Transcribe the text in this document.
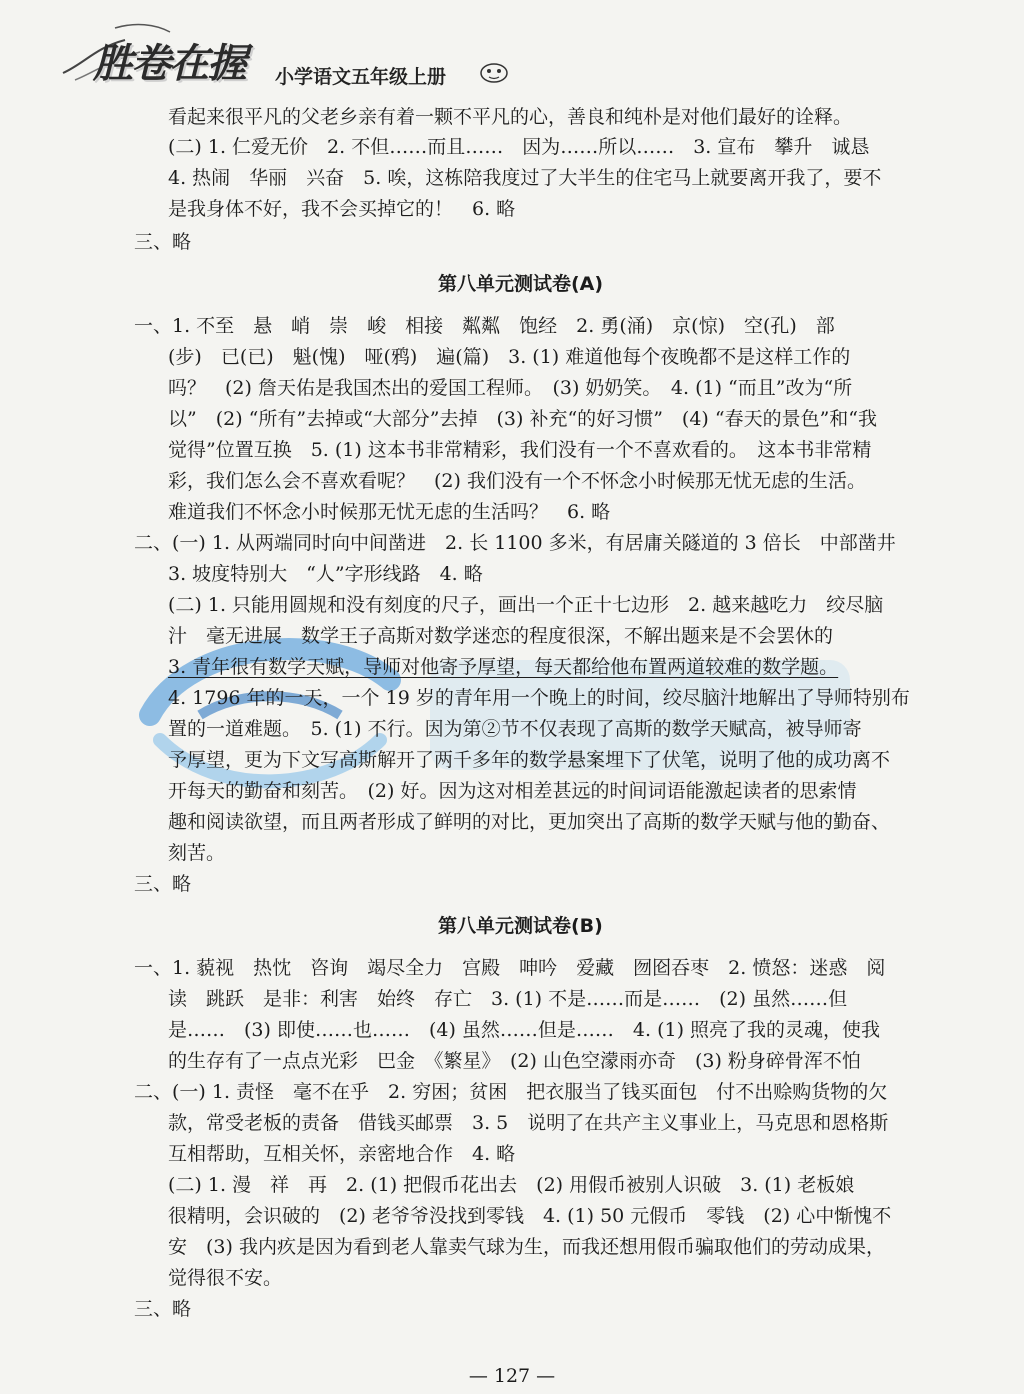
胜卷在握 小学语文五年级上册
看起来很平凡的父老乡亲有着一颗不平凡的心，善良和纯朴是对他们最好的诠释。
(二) 1. 仁爱无价　2. 不但……而且……　因为……所以……　3. 宣布　攀升　诚恳
4. 热闹　华丽　兴奋　5. 唉，这栋陪我度过了大半生的住宅马上就要离开我了，要不
是我身体不好，我不会买掉它的！　6. 略
三、略
第八单元测试卷(A)
一、1. 不至　悬　峭　崇　峻　相接　粼粼　饱经　2. 勇(涌)　京(惊)　空(孔)　部
(步)　已(已)　魁(愧)　哑(鸦)　遍(篇)　3. (1) 难道他每个夜晚都不是这样工作的
吗？　(2) 詹天佑是我国杰出的爱国工程师。　(3) 奶奶笑。　4. (1) “而且”改为“所
以”　(2) “所有”去掉或“大部分”去掉　(3) 补充“的好习惯”　(4) “春天的景色”和“我
觉得”位置互换　5. (1) 这本书非常精彩，我们没有一个不喜欢看的。　这本书非常精
彩，我们怎么会不喜欢看呢？　(2) 我们没有一个不怀念小时候那无忧无虑的生活。
难道我们不怀念小时候那无忧无虑的生活吗？　6. 略
二、(一) 1. 从两端同时向中间凿进　2. 长 1100 多米，有居庸关隧道的 3 倍长　中部凿井
3. 坡度特别大　“人”字形线路　4. 略
(二) 1. 只能用圆规和没有刻度的尺子，画出一个正十七边形　2. 越来越吃力　绞尽脑
汁　毫无进展　数学王子高斯对数学迷恋的程度很深，不解出题来是不会罢休的
3. 青年很有数学天赋，导师对他寄予厚望，每天都给他布置两道较难的数学题。
4. 1796 年的一天，一个 19 岁的青年用一个晚上的时间，绞尽脑汁地解出了导师特别布
置的一道难题。　5. (1) 不行。因为第②节不仅表现了高斯的数学天赋高，被导师寄
予厚望，更为下文写高斯解开了两千多年的数学悬案埋下了伏笔，说明了他的成功离不
开每天的勤奋和刻苦。　(2) 好。因为这对相差甚远的时间词语能激起读者的思索情
趣和阅读欲望，而且两者形成了鲜明的对比，更加突出了高斯的数学天赋与他的勤奋、
刻苦。
三、略
第八单元测试卷(B)
一、1. 藐视　热忱　咨询　竭尽全力　宫殿　呻吟　爱藏　囫囵吞枣　2. 愤怒：迷惑　阅
读　跳跃　是非：利害　始终　存亡　3. (1) 不是……而是……　(2) 虽然……但
是……　(3) 即使……也……　(4) 虽然……但是……　4. (1) 照亮了我的灵魂，使我
的生存有了一点点光彩　巴金　《繁星》　(2) 山色空濛雨亦奇　(3) 粉身碎骨浑不怕
二、(一) 1. 责怪　毫不在乎　2. 穷困；贫困　把衣服当了钱买面包　付不出赊购货物的欠
款，常受老板的责备　借钱买邮票　3. 5　说明了在共产主义事业上，马克思和恩格斯
互相帮助，互相关怀，亲密地合作　4. 略
(二) 1. 漫　祥　再　2. (1) 把假币花出去　(2) 用假币被别人识破　3. (1) 老板娘
很精明，会识破的　(2) 老爷爷没找到零钱　4. (1) 50 元假币　零钱　(2) 心中惭愧不
安　(3) 我内疚是因为看到老人靠卖气球为生，而我还想用假币骗取他们的劳动成果，
觉得很不安。
三、略
— 127 —
